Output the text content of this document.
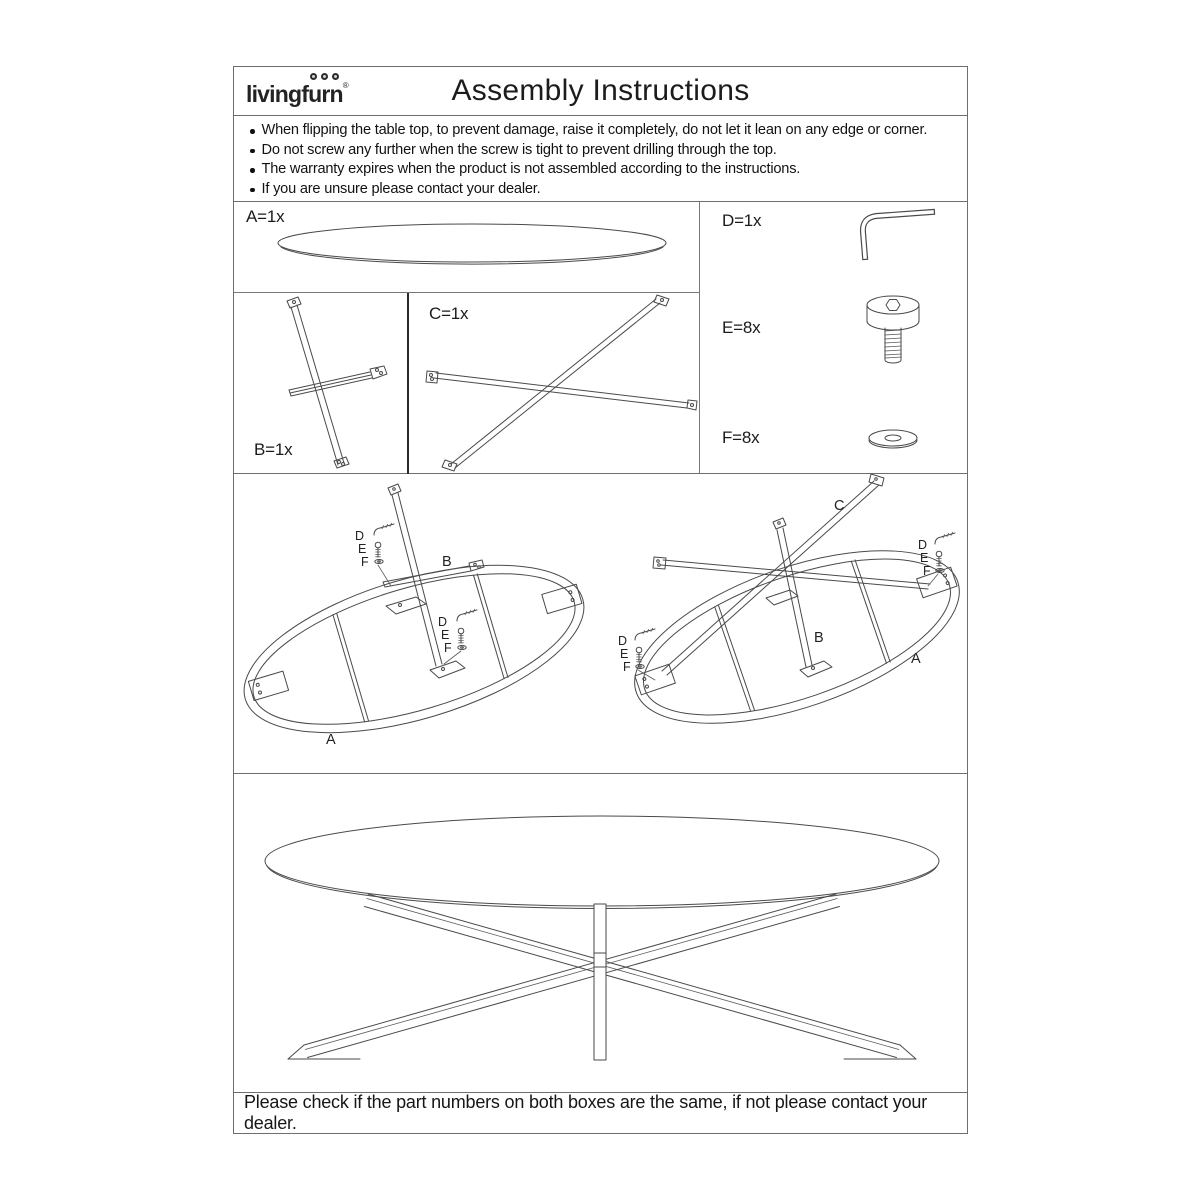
livingfurn®	Assembly Instructions
When flipping the table top, to prevent damage, raise it completely, do not let it lean on any edge or corner.
Do not screw any further when the screw is tight to prevent drilling through the top.
The warranty expires when the product is not assembled according to the instructions.
If you are unsure please contact your dealer.
A=1x
B=1x
C=1x
D=1x
E=8x
F=8x
D
E
F
D
E
F
B
A
D
E
F
D
E
F
C
B
A
Please check if the part numbers on both boxes are the same, if not please contact your dealer.
